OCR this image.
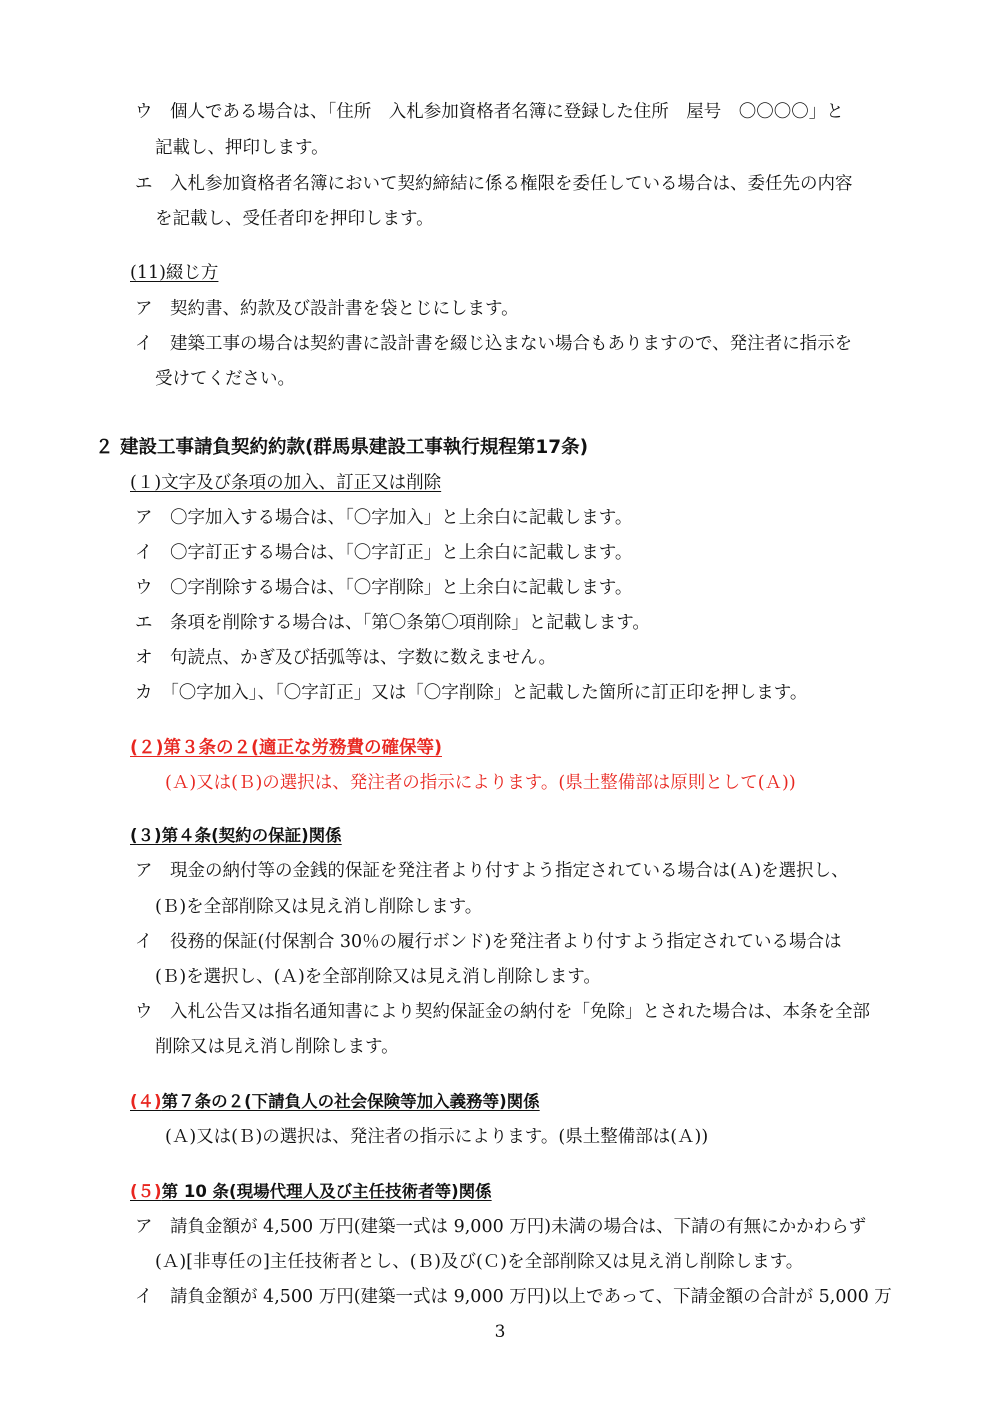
ウ　個人である場合は、「住所　入札参加資格者名簿に登録した住所　屋号　〇〇〇〇」と
記載し、押印します。
エ　入札参加資格者名簿において契約締結に係る権限を委任している場合は、委任先の内容
を記載し、受任者印を押印します。
(11)綴じ方
ア　契約書、約款及び設計書を袋とじにします。
イ　建築工事の場合は契約書に設計書を綴じ込まない場合もありますので、発注者に指示を
受けてください。
２ 建設工事請負契約約款(群馬県建設工事執行規程第17条)
(１)文字及び条項の加入、訂正又は削除
ア　〇字加入する場合は、「〇字加入」と上余白に記載します。
イ　〇字訂正する場合は、「〇字訂正」と上余白に記載します。
ウ　〇字削除する場合は、「〇字削除」と上余白に記載します。
エ　条項を削除する場合は、「第〇条第〇項削除」と記載します。
オ　句読点、かぎ及び括弧等は、字数に数えません。
カ　「〇字加入」、「〇字訂正」又は「〇字削除」と記載した箇所に訂正印を押します。
(２)第３条の２(適正な労務費の確保等)
(Ａ)又は(Ｂ)の選択は、発注者の指示によります。(県土整備部は原則として(Ａ))
(３)第４条(契約の保証)関係
ア　現金の納付等の金銭的保証を発注者より付すよう指定されている場合は(Ａ)を選択し、
(Ｂ)を全部削除又は見え消し削除します。
イ　役務的保証(付保割合 30％の履行ボンド)を発注者より付すよう指定されている場合は
(Ｂ)を選択し、(Ａ)を全部削除又は見え消し削除します。
ウ　入札公告又は指名通知書により契約保証金の納付を「免除」とされた場合は、本条を全部
削除又は見え消し削除します。
(４)第７条の２(下請負人の社会保険等加入義務等)関係
(Ａ)又は(Ｂ)の選択は、発注者の指示によります。(県土整備部は(Ａ))
(５)第 10 条(現場代理人及び主任技術者等)関係
ア　請負金額が 4,500 万円(建築一式は 9,000 万円)未満の場合は、下請の有無にかかわらず
(Ａ)[非専任の]主任技術者とし、(Ｂ)及び(Ｃ)を全部削除又は見え消し削除します。
イ　請負金額が 4,500 万円(建築一式は 9,000 万円)以上であって、下請金額の合計が 5,000 万
3
